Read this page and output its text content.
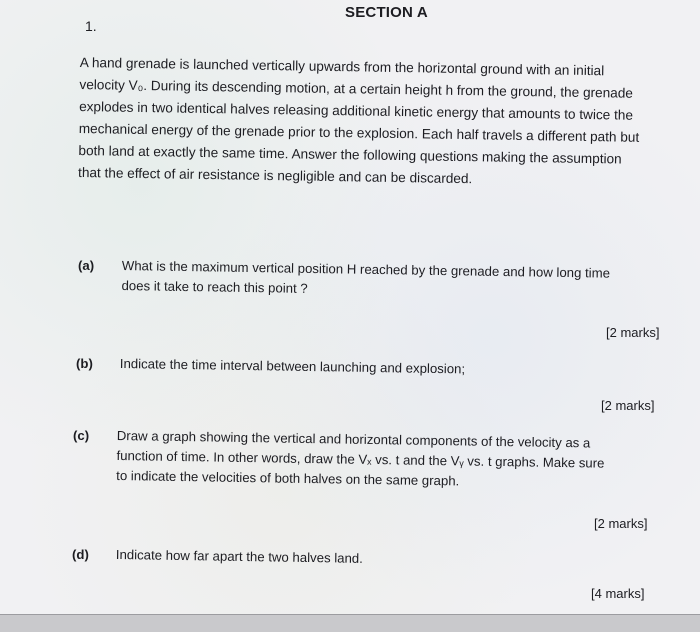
SECTION A
1.
A hand grenade is launched vertically upwards from the horizontal ground with an initial
velocity V₀. During its descending motion, at a certain height h from the ground, the grenade
explodes in two identical halves releasing additional kinetic energy that amounts to twice the
mechanical energy of the grenade prior to the explosion. Each half travels a different path but
both land at exactly the same time. Answer the following questions making the assumption
that the effect of air resistance is negligible and can be discarded.
(a) What is the maximum vertical position H reached by the grenade and how long time
does it take to reach this point ?
[2 marks]
(b) Indicate the time interval between launching and explosion;
[2 marks]
(c) Draw a graph showing the vertical and horizontal components of the velocity as a
function of time. In other words, draw the Vₓ vs. t and the Vᵧ vs. t graphs. Make sure
to indicate the velocities of both halves on the same graph.
[2 marks]
(d) Indicate how far apart the two halves land.
[4 marks]
